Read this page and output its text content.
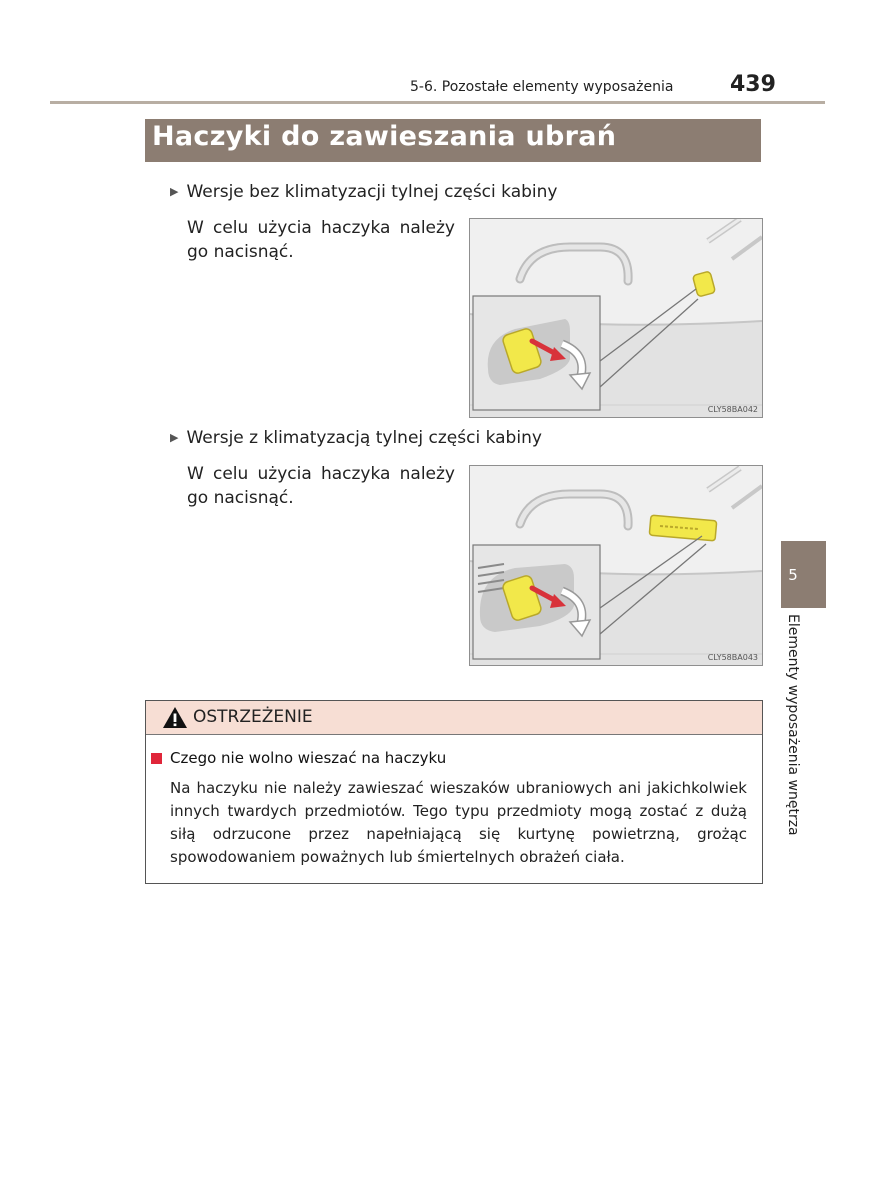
5-6. Pozostałe elementy wyposażenia	439
Haczyki do zawieszania ubrań
▶ Wersje bez klimatyzacji tylnej części kabiny
W celu użycia haczyka należy go nacisnąć.
CLY58BA042
▶ Wersje z klimatyzacją tylnej części kabiny
W celu użycia haczyka należy go nacisnąć.
CLY58BA043
5
Elementy wyposażenia wnętrza
OSTRZEŻENIE
Czego nie wolno wieszać na haczyku
Na haczyku nie należy zawieszać wieszaków ubraniowych ani jakichkolwiek innych twardych przedmiotów. Tego typu przedmioty mogą zostać z dużą siłą odrzucone przez napełniającą się kurtynę powietrzną, grożąc spowodowaniem poważnych lub śmiertelnych obrażeń ciała.
